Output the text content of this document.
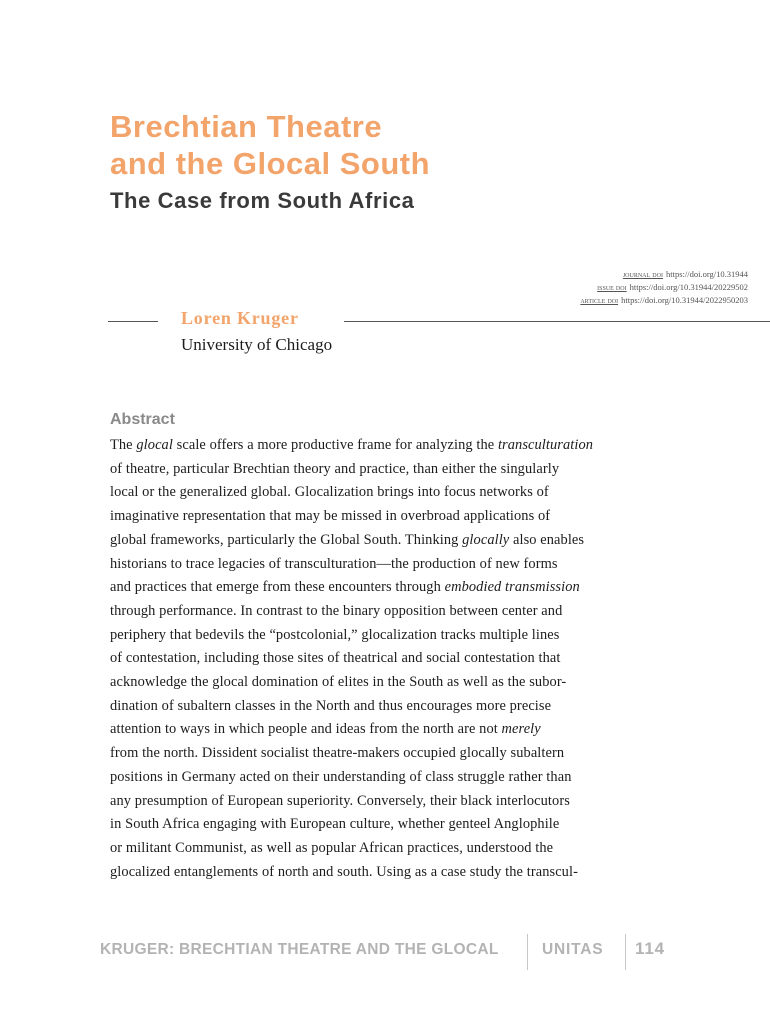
Brechtian Theatre
and the Glocal South
The Case from South Africa
journal doi https://doi.org/10.31944
issue doi https://doi.org/10.31944/20229502
article doi https://doi.org/10.31944/2022950203
Loren Kruger
University of Chicago
Abstract
The glocal scale offers a more productive frame for analyzing the transculturation
of theatre, particular Brechtian theory and practice, than either the singularly
local or the generalized global. Glocalization brings into focus networks of
imaginative representation that may be missed in overbroad applications of
global frameworks, particularly the Global South. Thinking glocally also enables
historians to trace legacies of transculturation—the production of new forms
and practices that emerge from these encounters through embodied transmission
through performance. In contrast to the binary opposition between center and
periphery that bedevils the “postcolonial,” glocalization tracks multiple lines
of contestation, including those sites of theatrical and social contestation that
acknowledge the glocal domination of elites in the South as well as the subor-
dination of subaltern classes in the North and thus encourages more precise
attention to ways in which people and ideas from the north are not merely
from the north. Dissident socialist theatre-makers occupied glocally subaltern
positions in Germany acted on their understanding of class struggle rather than
any presumption of European superiority. Conversely, their black interlocutors
in South Africa engaging with European culture, whether genteel Anglophile
or militant Communist, as well as popular African practices, understood the
glocalized entanglements of north and south. Using as a case study the transcul-
KRUGER: BRECHTIAN THEATRE AND THE GLOCAL	UNITAS 114
